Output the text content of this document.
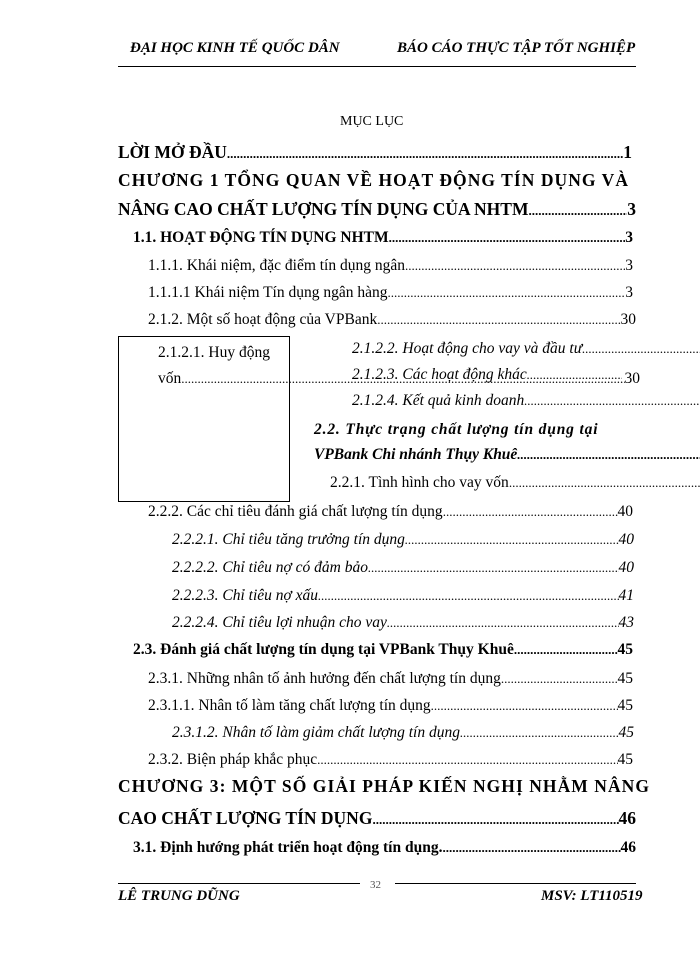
ĐẠI HỌC KINH TẾ QUỐC DÂN	BÁO CÁO THỰC TẬP TỐT NGHIỆP
MỤC LỤC
LỜI MỞ ĐẦU .....	1
CHƯƠNG 1 TỔNG QUAN VỀ HOẠT ĐỘNG TÍN DỤNG VÀ
NÂNG CAO CHẤT LƯỢNG TÍN DỤNG CỦA NHTM .....	3
1.1. HOẠT ĐỘNG TÍN DỤNG NHTM .....	3
1.1.1. Khái niệm, đặc điểm tín dụng ngân .....	3
1.1.1.1 Khái niệm Tín dụng ngân hàng .....	3
2.1.2. Một số hoạt động của VPBank .....	30
2.1.2.1. Huy động
vốn .....	30
2.1.2.2. Hoạt động cho vay và đầu tư
.....
2.1.2.3. Các hoạt động khác
.....
2.1.2.4. Kết quả kinh doanh
.....
2.2. Thực trạng chất lượng tín dụng tại
VPBank Chi nhánh Thụy Khuê
.....
2.2.1. Tình hình cho vay vốn
.....
2.2.2. Các chỉ tiêu đánh giá chất lượng tín dụng .....	40
2.2.2.1. Chỉ tiêu tăng trưởng tín dụng .....	40
2.2.2.2. Chỉ tiêu nợ có đảm bảo .....	40
2.2.2.3. Chỉ tiêu nợ xấu .....	41
2.2.2.4. Chỉ tiêu lợi nhuận cho vay .....	43
2.3. Đánh giá chất lượng tín dụng tại VPBank Thụy Khuê .....	45
2.3.1. Những nhân tố ảnh hưởng đến chất lượng tín dụng .....	45
2.3.1.1. Nhân tố làm tăng chất lượng tín dụng .....	45
2.3.1.2. Nhân tố làm giảm chất lượng tín dụng .....	45
2.3.2. Biện pháp khắc phục .....	45
CHƯƠNG 3: MỘT SỐ GIẢI PHÁP KIẾN NGHỊ NHẰM NÂNG
CAO CHẤT LƯỢNG TÍN DỤNG .....	46
3.1. Định hướng phát triển hoạt động tín dụng. .....	46
LÊ TRUNG DŨNG
32
MSV: LT110519
